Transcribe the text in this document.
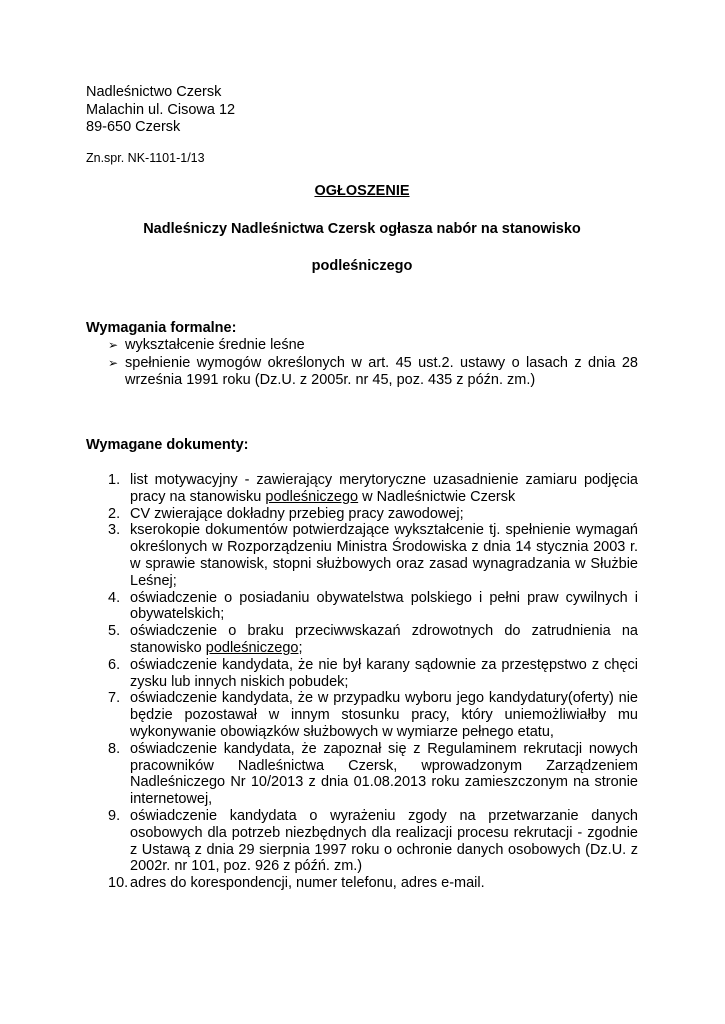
Nadleśnictwo Czersk
Malachin ul. Cisowa 12
89-650 Czersk
Zn.spr. NK-1101-1/13
OGŁOSZENIE
Nadleśniczy Nadleśnictwa Czersk ogłasza nabór na stanowisko
podleśniczego
Wymagania formalne:
➢ wykształcenie średnie leśne
➢ spełnienie wymogów określonych w art. 45 ust.2. ustawy o lasach z dnia 28 września 1991 roku (Dz.U. z 2005r. nr 45, poz. 435 z późn. zm.)
Wymagane dokumenty:
1. list motywacyjny - zawierający merytoryczne uzasadnienie zamiaru podjęcia pracy na stanowisku podleśniczego w Nadleśnictwie Czersk
2. CV zwierające dokładny przebieg pracy zawodowej;
3. kserokopie dokumentów potwierdzające wykształcenie tj. spełnienie wymagań określonych w Rozporządzeniu Ministra Środowiska z dnia 14 stycznia 2003 r. w sprawie stanowisk, stopni służbowych oraz zasad wynagradzania w Służbie Leśnej;
4. oświadczenie o posiadaniu obywatelstwa polskiego i pełni praw cywilnych i obywatelskich;
5. oświadczenie o braku przeciwwskazań zdrowotnych do zatrudnienia na stanowisko podleśniczego;
6. oświadczenie kandydata, że nie był karany sądownie za przestępstwo z chęci zysku lub innych niskich pobudek;
7. oświadczenie kandydata, że w przypadku wyboru jego kandydatury(oferty) nie będzie pozostawał w innym stosunku pracy, który uniemożliwiałby mu wykonywanie obowiązków służbowych w wymiarze pełnego etatu,
8. oświadczenie kandydata, że zapoznał się z Regulaminem rekrutacji nowych pracowników Nadleśnictwa Czersk, wprowadzonym Zarządzeniem Nadleśniczego Nr 10/2013 z dnia 01.08.2013 roku zamieszczonym na stronie internetowej,
9. oświadczenie kandydata o wyrażeniu zgody na przetwarzanie danych osobowych dla potrzeb niezbędnych dla realizacji procesu rekrutacji - zgodnie z Ustawą z dnia 29 sierpnia 1997 roku o ochronie danych osobowych (Dz.U. z 2002r. nr 101, poz. 926 z późń. zm.)
10. adres do korespondencji, numer telefonu, adres e-mail.
